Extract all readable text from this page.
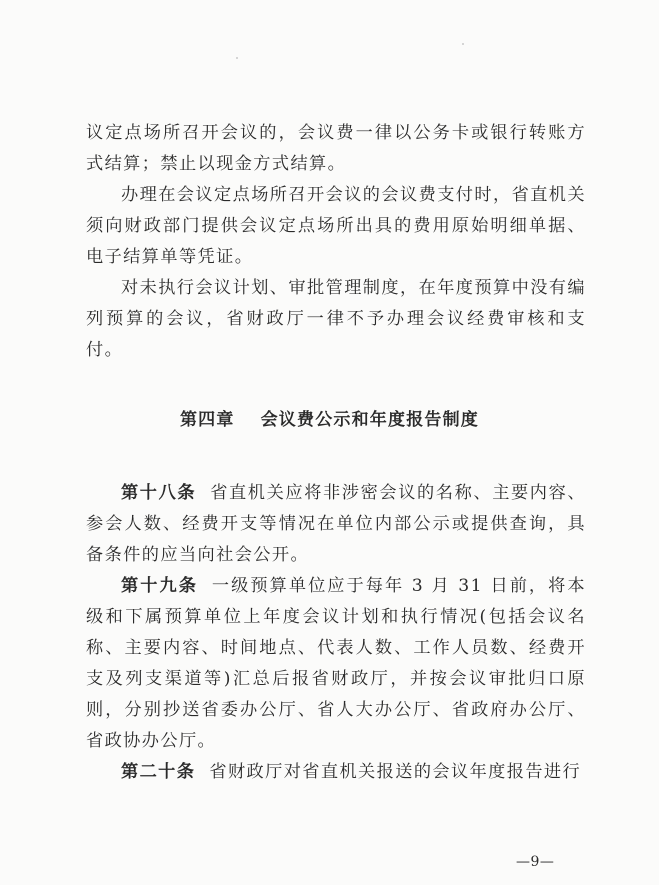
议定点场所召开会议的，会议费一律以公务卡或银行转账方式结算；禁止以现金方式结算。

办理在会议定点场所召开会议的会议费支付时，省直机关须向财政部门提供会议定点场所出具的费用原始明细单据、电子结算单等凭证。

对未执行会议计划、审批管理制度，在年度预算中没有编列预算的会议，省财政厅一律不予办理会议经费审核和支付。

第四章 会议费公示和年度报告制度

第十八条 省直机关应将非涉密会议的名称、主要内容、参会人数、经费开支等情况在单位内部公示或提供查询，具备条件的应当向社会公开。

第十九条 一级预算单位应于每年 3 月 31 日前，将本级和下属预算单位上年度会议计划和执行情况(包括会议名称、主要内容、时间地点、代表人数、工作人员数、经费开支及列支渠道等)汇总后报省财政厅，并按会议审批归口原则，分别抄送省委办公厅、省人大办公厅、省政府办公厅、省政协办公厅。

第二十条 省财政厅对省直机关报送的会议年度报告进行

—9—
